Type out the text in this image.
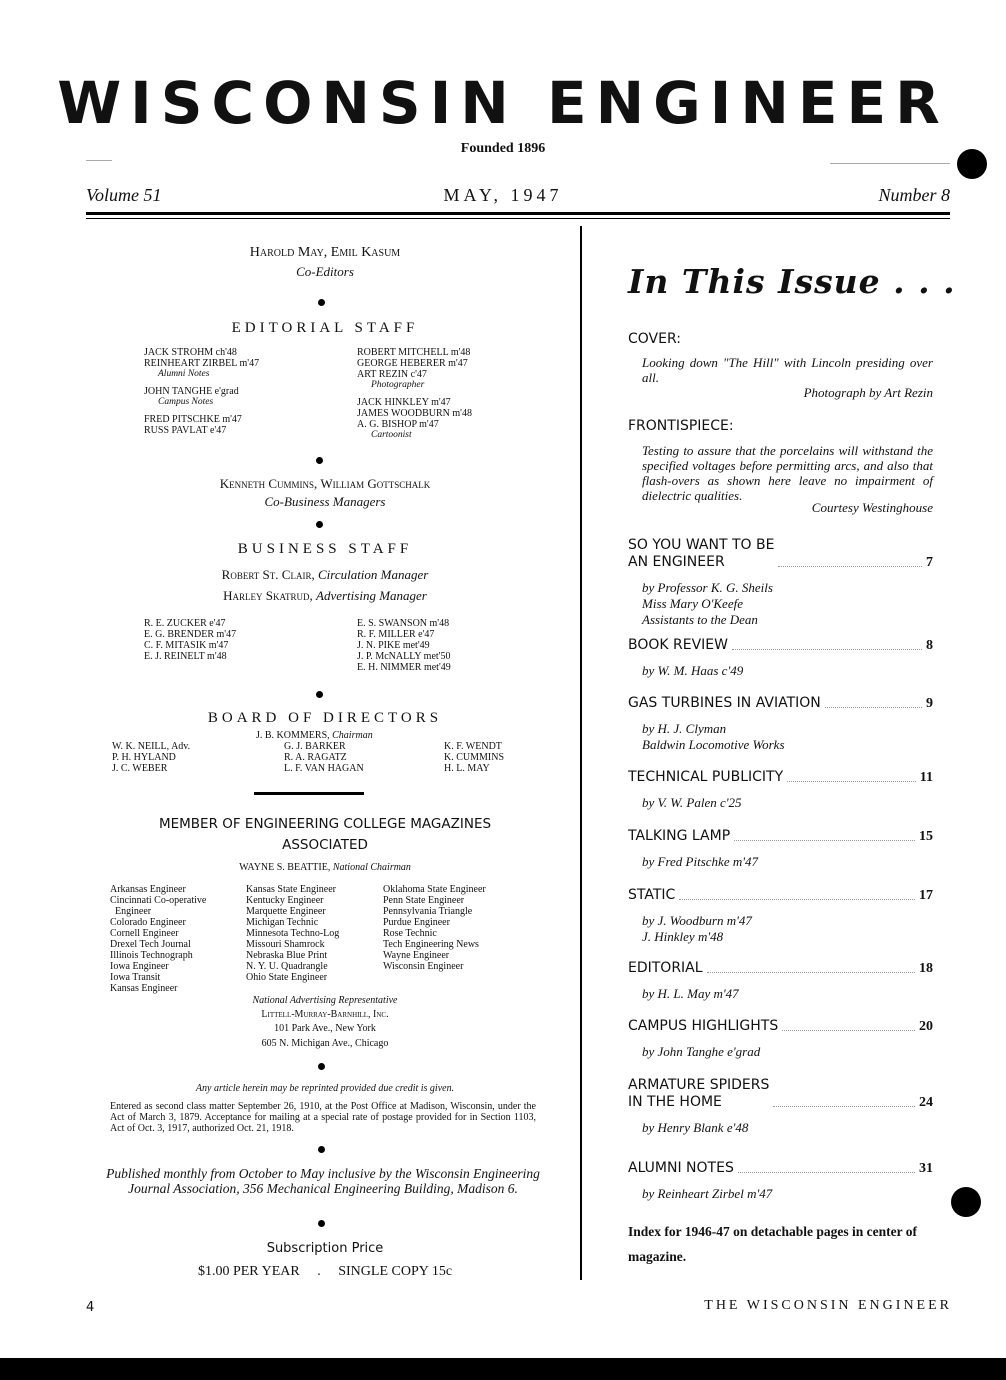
WISCONSIN ENGINEER
Founded 1896
Volume 51	MAY, 1947	Number 8
Harold May, Emil Kasum
Co-Editors
EDITORIAL STAFF
JACK STROHM ch'48
REINHEART ZIRBEL m'47
Alumni Notes
JOHN TANGHE e'grad
Campus Notes
FRED PITSCHKE m'47
RUSS PAVLAT e'47
ROBERT MITCHELL m'48
GEORGE HEBERER m'47
ART REZIN c'47
Photographer
JACK HINKLEY m'47
JAMES WOODBURN m'48
A. G. BISHOP m'47
Cartoonist
Kenneth Cummins, William Gottschalk
Co-Business Managers
BUSINESS STAFF
Robert St. Clair, Circulation Manager
Harley Skatrud, Advertising Manager
R. E. ZUCKER e'47
E. G. BRENDER m'47
C. F. MITASIK m'47
E. J. REINELT m'48
E. S. SWANSON m'48
R. F. MILLER e'47
J. N. PIKE met'49
J. P. McNALLY met'50
E. H. NIMMER met'49
BOARD OF DIRECTORS
J. B. KOMMERS, Chairman
W. K. NEILL, Adv.
P. H. HYLAND
J. C. WEBER
G. J. BARKER
R. A. RAGATZ
L. F. VAN HAGAN
K. F. WENDT
K. CUMMINS
H. L. MAY
MEMBER OF ENGINEERING COLLEGE MAGAZINES
ASSOCIATED
WAYNE S. BEATTIE, National Chairman
Arkansas Engineer
Cincinnati Co-operative
Engineer
Colorado Engineer
Cornell Engineer
Drexel Tech Journal
Illinois Technograph
Iowa Engineer
Iowa Transit
Kansas Engineer
Kansas State Engineer
Kentucky Engineer
Marquette Engineer
Michigan Technic
Minnesota Techno-Log
Missouri Shamrock
Nebraska Blue Print
N. Y. U. Quadrangle
Ohio State Engineer
Oklahoma State Engineer
Penn State Engineer
Pennsylvania Triangle
Purdue Engineer
Rose Technic
Tech Engineering News
Wayne Engineer
Wisconsin Engineer
National Advertising Representative
Littell-Murray-Barnhill, Inc.
101 Park Ave., New York
605 N. Michigan Ave., Chicago
Any article herein may be reprinted provided due credit is given.
Entered as second class matter September 26, 1910, at the Post Office at Madison, Wisconsin, under the Act of March 3, 1879. Acceptance for mailing at a special rate of postage provided for in Section 1103, Act of Oct. 3, 1917, authorized Oct. 21, 1918.
Published monthly from October to May inclusive by the Wisconsin Engineering Journal Association, 356 Mechanical Engineering Building, Madison 6.
Subscription Price
$1.00 PER YEAR . SINGLE COPY 15c
In This Issue . . .
COVER:
Looking down "The Hill" with Lincoln presiding over all.
Photograph by Art Rezin
FRONTISPIECE:
Testing to assure that the porcelains will withstand the specified voltages before permitting arcs, and also that flash-overs as shown here leave no impairment of dielectric qualities.
Courtesy Westinghouse
SO YOU WANT TO BE
AN ENGINEER	7
by Professor K. G. Sheils
Miss Mary O'Keefe
Assistants to the Dean
BOOK REVIEW	8
by W. M. Haas c'49
GAS TURBINES IN AVIATION	9
by H. J. Clyman
Baldwin Locomotive Works
TECHNICAL PUBLICITY	11
by V. W. Palen c'25
TALKING LAMP	15
by Fred Pitschke m'47
STATIC	17
by J. Woodburn m'47
J. Hinkley m'48
EDITORIAL	18
by H. L. May m'47
CAMPUS HIGHLIGHTS	20
by John Tanghe e'grad
ARMATURE SPIDERS
IN THE HOME	24
by Henry Blank e'48
ALUMNI NOTES	31
by Reinheart Zirbel m'47
Index for 1946-47 on detachable pages in center of magazine.
4	THE WISCONSIN ENGINEER
